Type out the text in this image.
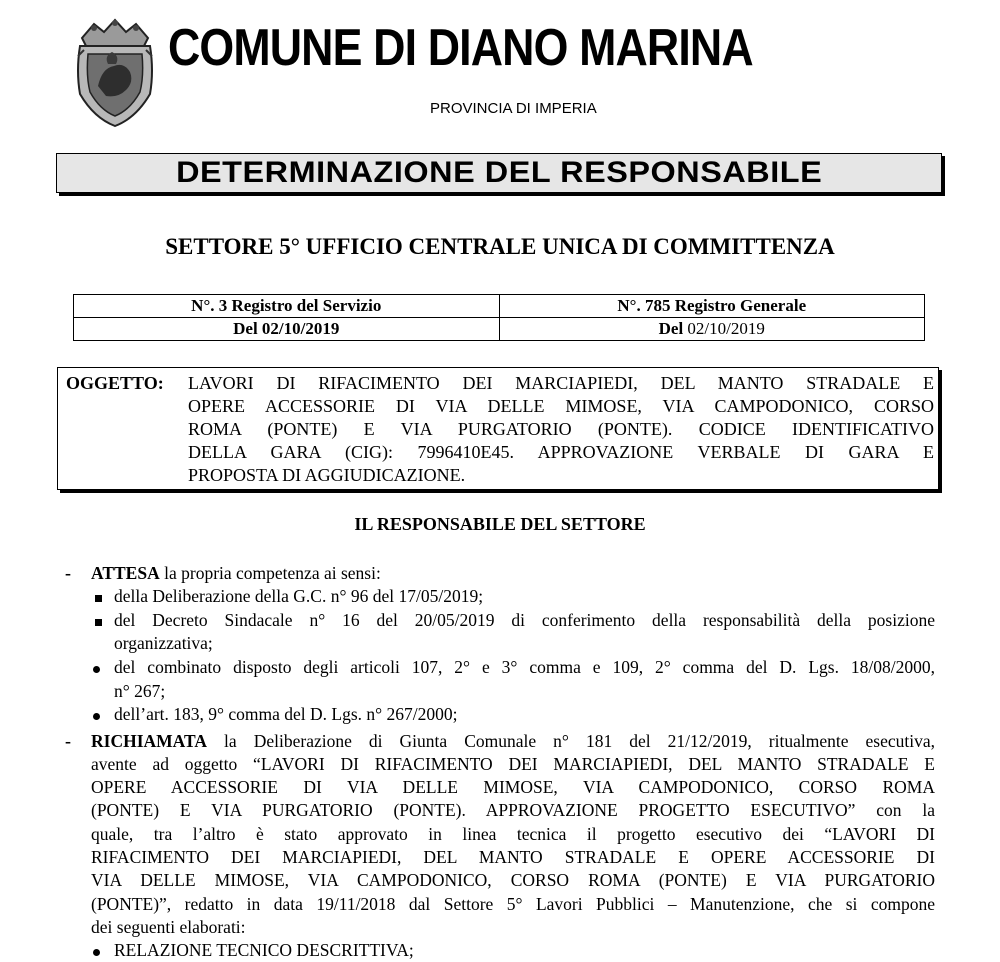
COMUNE DI DIANO MARINA
PROVINCIA DI IMPERIA
DETERMINAZIONE DEL RESPONSABILE
SETTORE 5° UFFICIO CENTRALE UNICA DI COMMITTENZA
N°. 3 Registro del Servizio	N°. 785 Registro Generale
Del 02/10/2019	Del 02/10/2019
OGGETTO: LAVORI DI RIFACIMENTO DEI MARCIAPIEDI, DEL MANTO STRADALE E
OPERE ACCESSORIE DI VIA DELLE MIMOSE, VIA CAMPODONICO, CORSO
ROMA (PONTE) E VIA PURGATORIO (PONTE). CODICE IDENTIFICATIVO
DELLA GARA (CIG): 7996410E45. APPROVAZIONE VERBALE DI GARA E
PROPOSTA DI AGGIUDICAZIONE.
IL RESPONSABILE DEL SETTORE
- ATTESA la propria competenza ai sensi:
della Deliberazione della G.C. n° 96 del 17/05/2019;
del Decreto Sindacale n° 16 del 20/05/2019 di conferimento della responsabilità della posizione
organizzativa;
del combinato disposto degli articoli 107, 2° e 3° comma e 109, 2° comma del D. Lgs. 18/08/2000,
n° 267;
dell’art. 183, 9° comma del D. Lgs. n° 267/2000;
- RICHIAMATA la Deliberazione di Giunta Comunale n° 181 del 21/12/2019, ritualmente esecutiva,
avente ad oggetto “LAVORI DI RIFACIMENTO DEI MARCIAPIEDI, DEL MANTO STRADALE E
OPERE ACCESSORIE DI VIA DELLE MIMOSE, VIA CAMPODONICO, CORSO ROMA
(PONTE) E VIA PURGATORIO (PONTE). APPROVAZIONE PROGETTO ESECUTIVO” con la
quale, tra l’altro è stato approvato in linea tecnica il progetto esecutivo dei “LAVORI DI
RIFACIMENTO DEI MARCIAPIEDI, DEL MANTO STRADALE E OPERE ACCESSORIE DI
VIA DELLE MIMOSE, VIA CAMPODONICO, CORSO ROMA (PONTE) E VIA PURGATORIO
(PONTE)”, redatto in data 19/11/2018 dal Settore 5° Lavori Pubblici – Manutenzione, che si compone
dei seguenti elaborati:
RELAZIONE TECNICO DESCRITTIVA;
